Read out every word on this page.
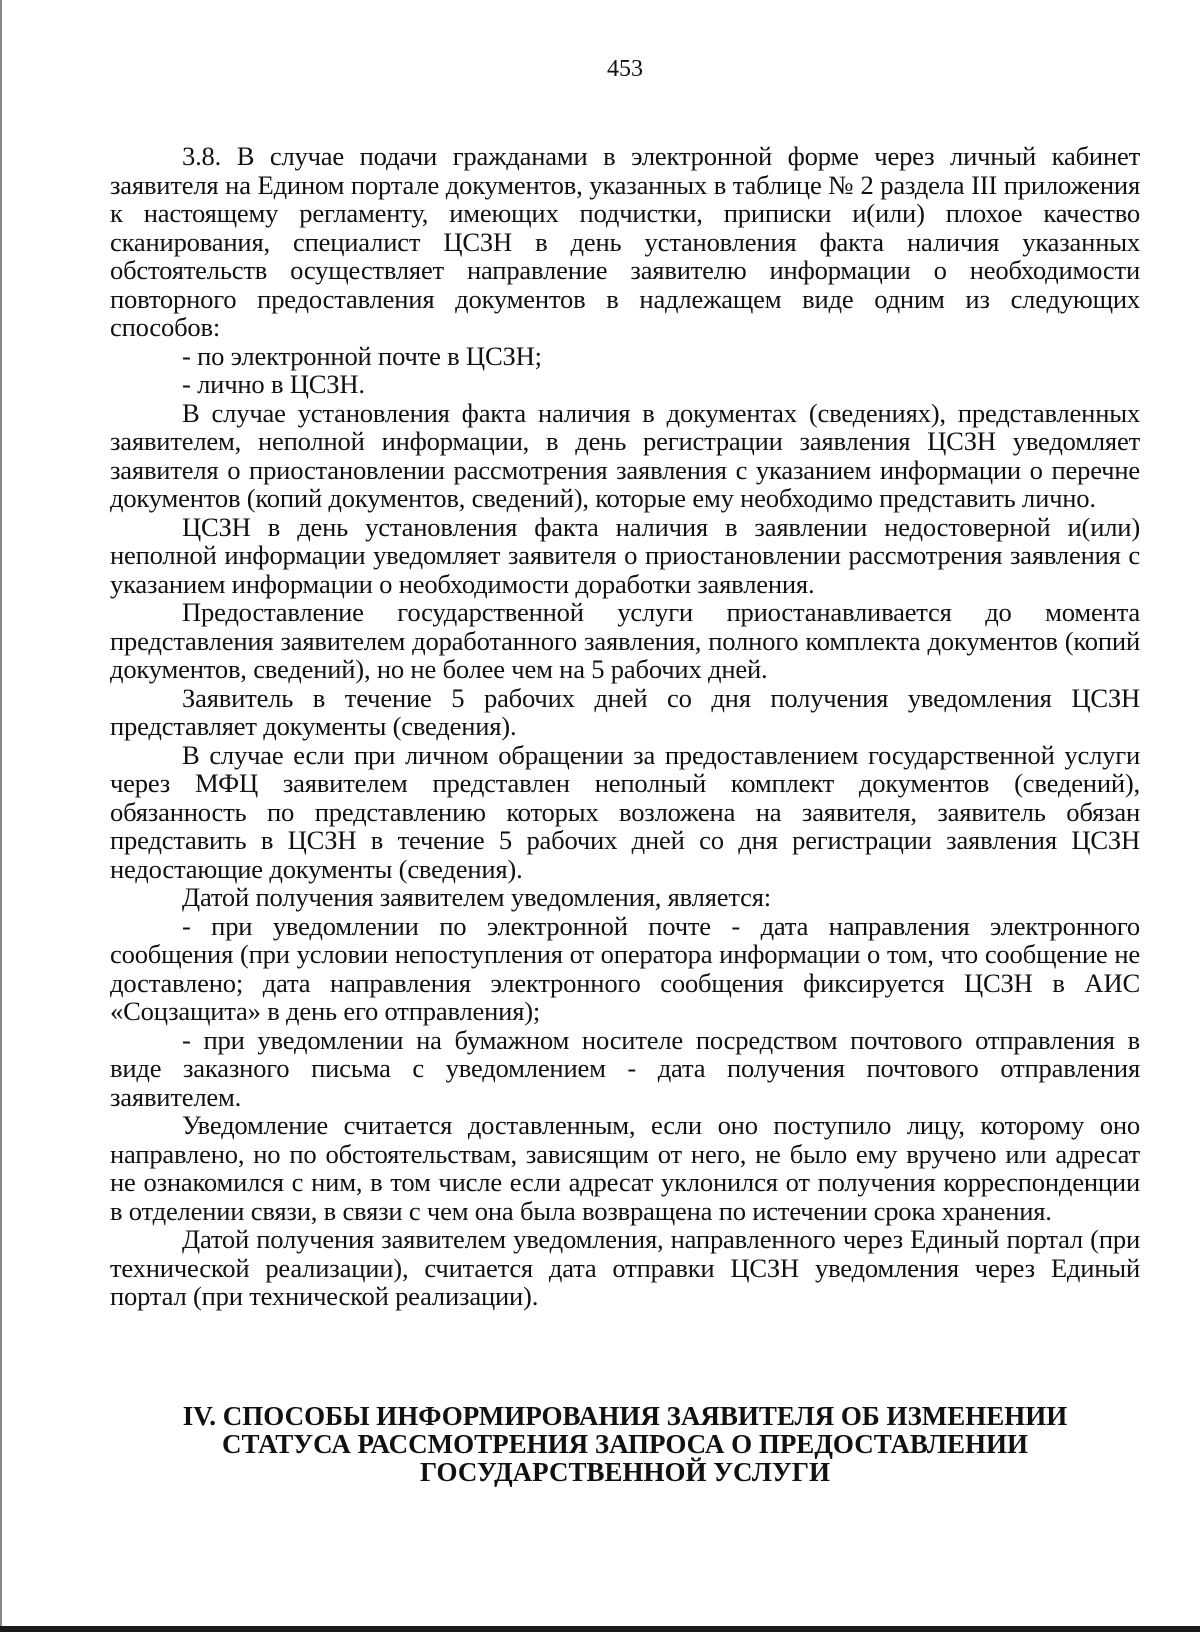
453

3.8. В случае подачи гражданами в электронной форме через личный кабинет заявителя на Едином портале документов, указанных в таблице № 2 раздела III приложения к настоящему регламенту, имеющих подчистки, приписки и(или) плохое качество сканирования, специалист ЦСЗН в день установления факта наличия указанных обстоятельств осуществляет направление заявителю информации о необходимости повторного предоставления документов в надлежащем виде одним из следующих способов:

- по электронной почте в ЦСЗН;

- лично в ЦСЗН.

В случае установления факта наличия в документах (сведениях), представленных заявителем, неполной информации, в день регистрации заявления ЦСЗН уведомляет заявителя о приостановлении рассмотрения заявления с указанием информации о перечне документов (копий документов, сведений), которые ему необходимо представить лично.

ЦСЗН в день установления факта наличия в заявлении недостоверной и(или) неполной информации уведомляет заявителя о приостановлении рассмотрения заявления с указанием информации о необходимости доработки заявления.

Предоставление государственной услуги приостанавливается до момента представления заявителем доработанного заявления, полного комплекта документов (копий документов, сведений), но не более чем на 5 рабочих дней.

Заявитель в течение 5 рабочих дней со дня получения уведомления ЦСЗН представляет документы (сведения).

В случае если при личном обращении за предоставлением государственной услуги через МФЦ заявителем представлен неполный комплект документов (сведений), обязанность по представлению которых возложена на заявителя, заявитель обязан представить в ЦСЗН в течение 5 рабочих дней со дня регистрации заявления ЦСЗН недостающие документы (сведения).

Датой получения заявителем уведомления, является:

- при уведомлении по электронной почте - дата направления электронного сообщения (при условии непоступления от оператора информации о том, что сообщение не доставлено; дата направления электронного сообщения фиксируется ЦСЗН в АИС «Соцзащита» в день его отправления);

- при уведомлении на бумажном носителе посредством почтового отправления в виде заказного письма с уведомлением - дата получения почтового отправления заявителем.

Уведомление считается доставленным, если оно поступило лицу, которому оно направлено, но по обстоятельствам, зависящим от него, не было ему вручено или адресат не ознакомился с ним, в том числе если адресат уклонился от получения корреспонденции в отделении связи, в связи с чем она была возвращена по истечении срока хранения.

Датой получения заявителем уведомления, направленного через Единый портал (при технической реализации), считается дата отправки ЦСЗН уведомления через Единый портал (при технической реализации).

IV. СПОСОБЫ ИНФОРМИРОВАНИЯ ЗАЯВИТЕЛЯ ОБ ИЗМЕНЕНИИ
СТАТУСА РАССМОТРЕНИЯ ЗАПРОСА О ПРЕДОСТАВЛЕНИИ
ГОСУДАРСТВЕННОЙ УСЛУГИ
